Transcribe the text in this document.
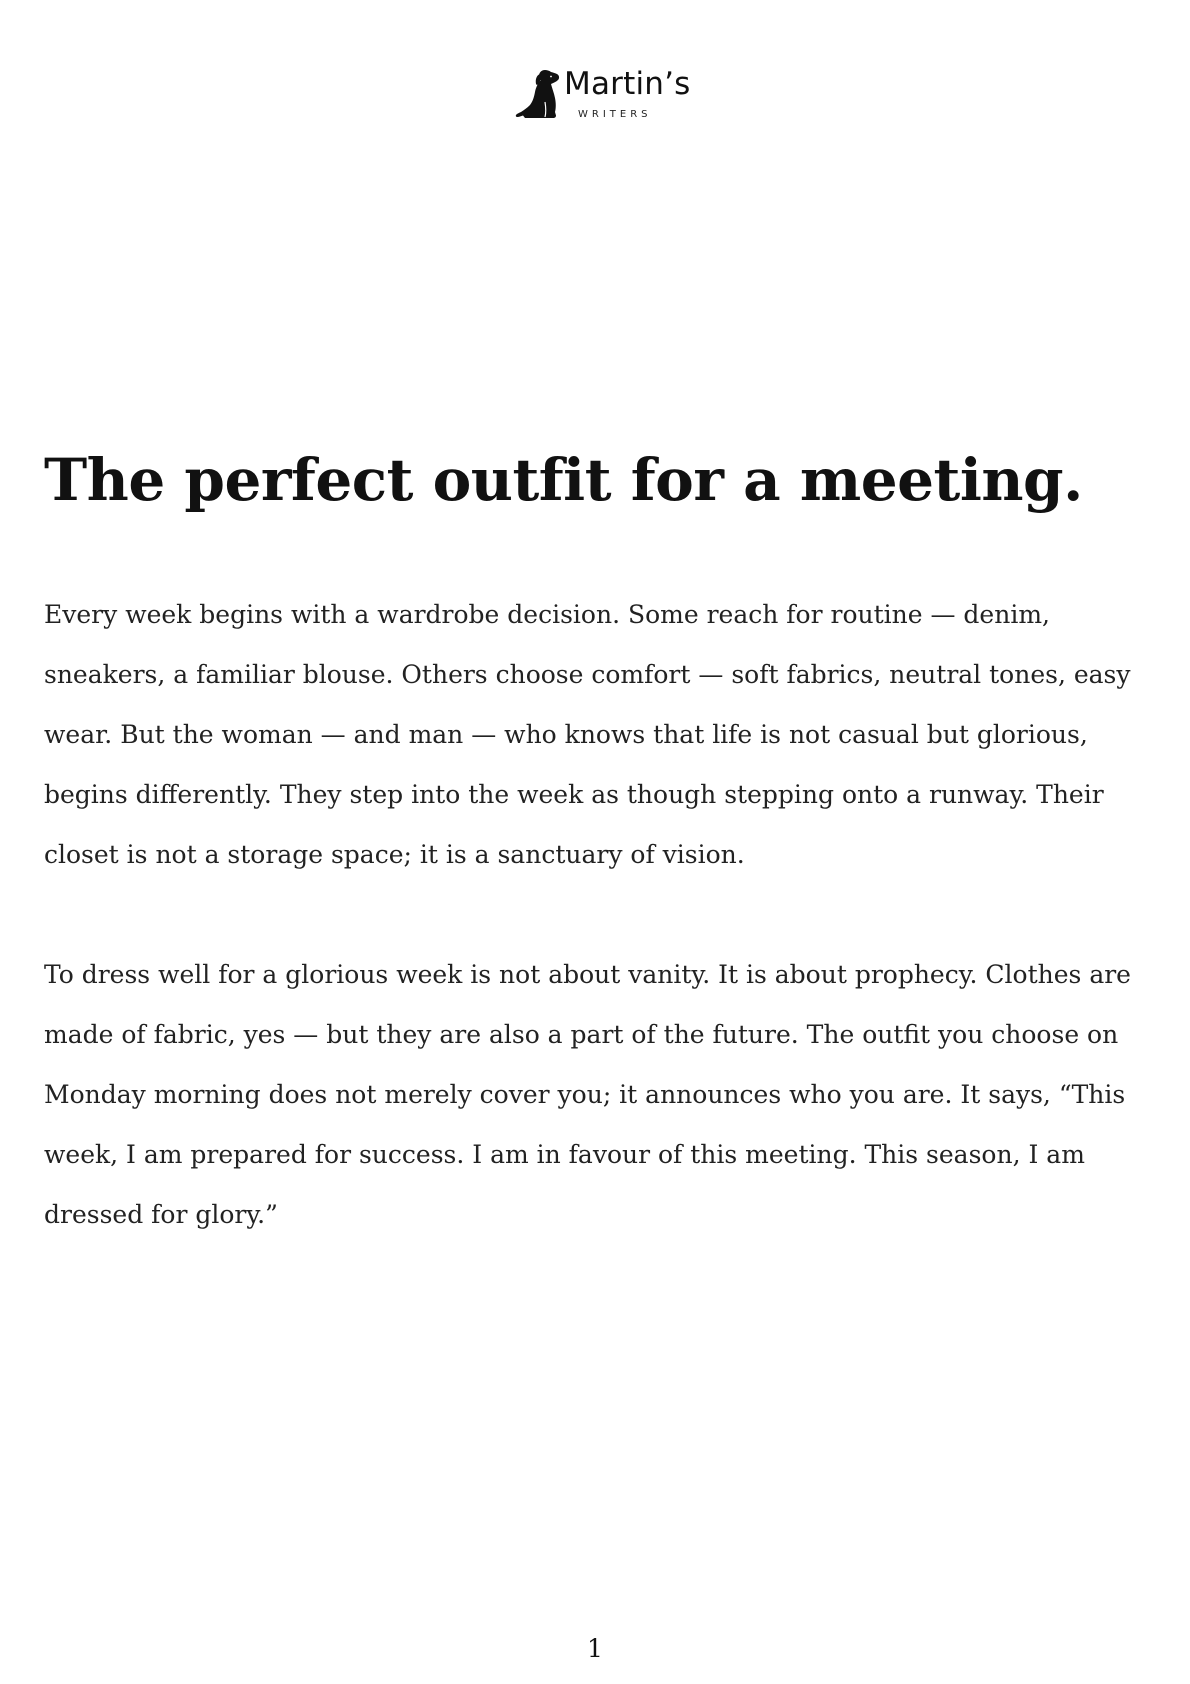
Martin’s
WRITERS
The perfect outfit for a meeting.

Every week begins with a wardrobe decision. Some reach for routine — denim, sneakers, a familiar blouse. Others choose comfort — soft fabrics, neutral tones, easy wear. But the woman — and man — who knows that life is not casual but glorious, begins differently. They step into the week as though stepping onto a runway. Their closet is not a storage space; it is a sanctuary of vision.

To dress well for a glorious week is not about vanity. It is about prophecy. Clothes are made of fabric, yes — but they are also a part of the future. The outfit you choose on Monday morning does not merely cover you; it announces who you are. It says, “This week, I am prepared for success. I am in favour of this meeting. This season, I am dressed for glory.”

1
